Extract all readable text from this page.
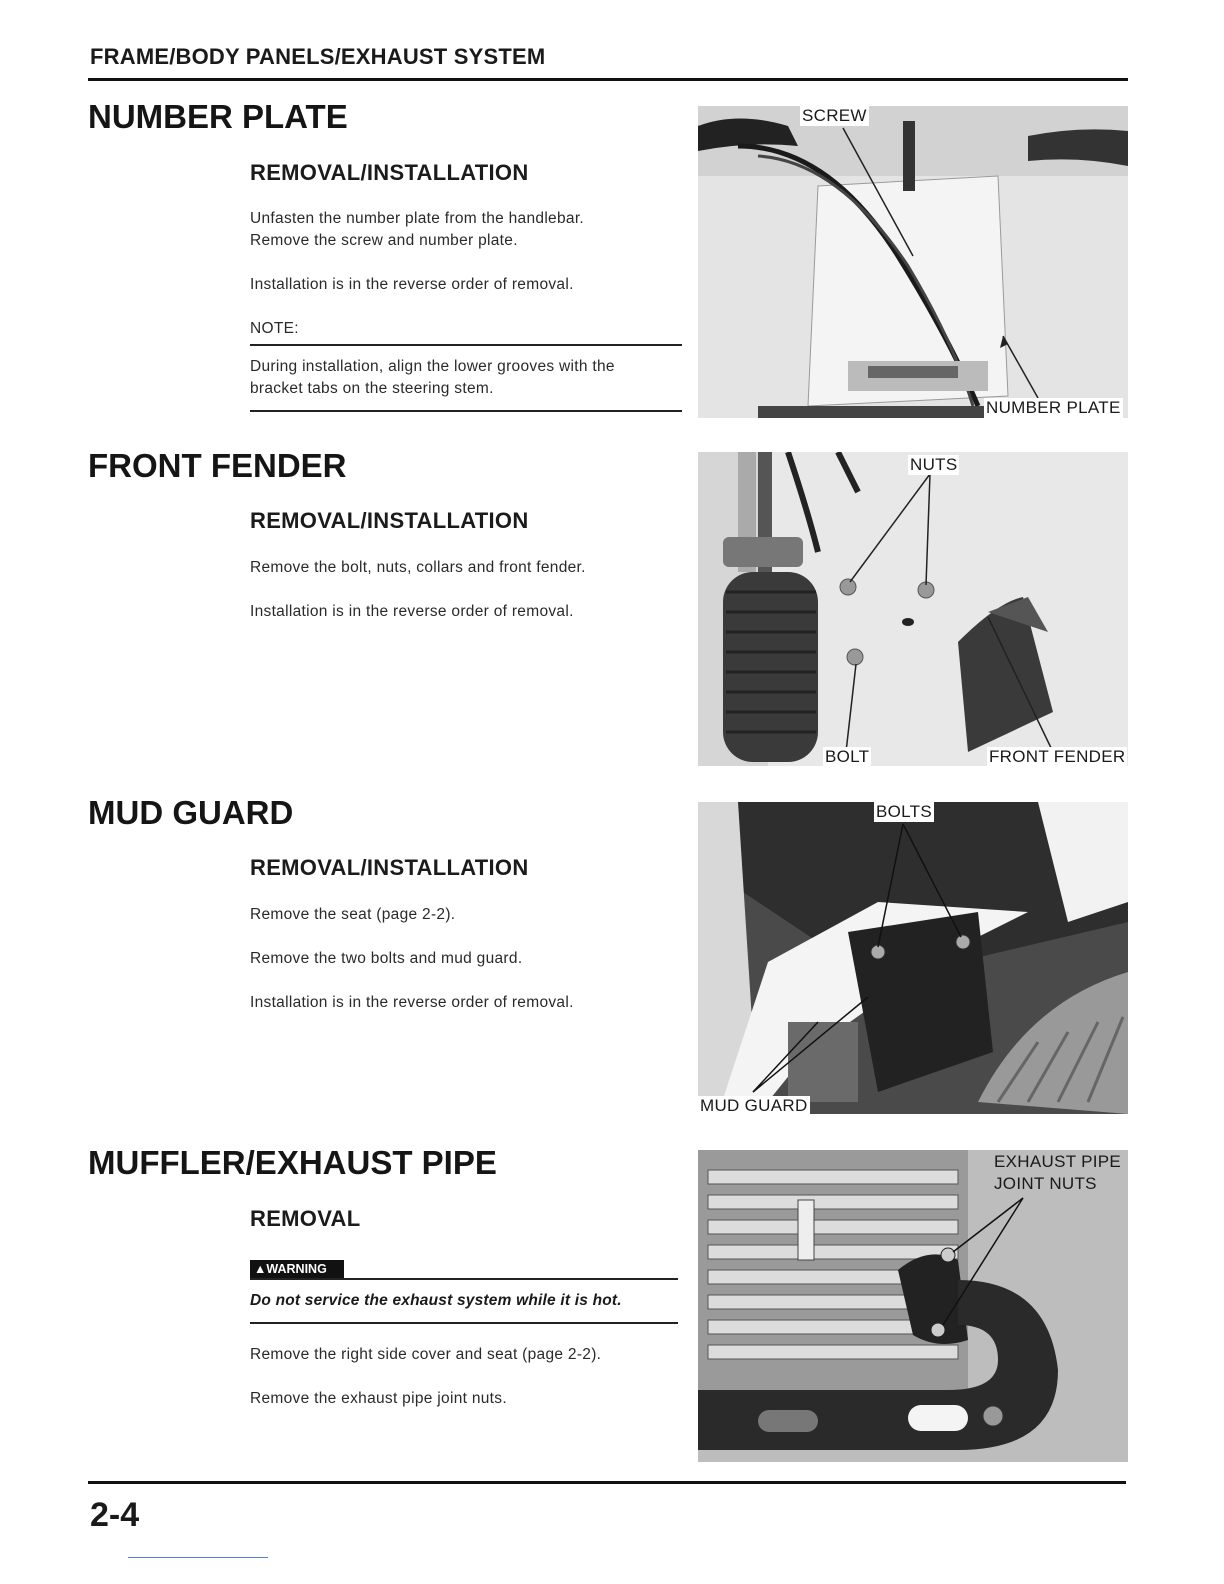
FRAME/BODY PANELS/EXHAUST SYSTEM
NUMBER PLATE
REMOVAL/INSTALLATION
Unfasten the number plate from the handlebar.
Remove the screw and number plate.
Installation is in the reverse order of removal.
NOTE:
During installation, align the lower grooves with the
bracket tabs on the steering stem.
SCREW
NUMBER PLATE
FRONT FENDER
REMOVAL/INSTALLATION
Remove the bolt, nuts, collars and front fender.
Installation is in the reverse order of removal.
NUTS
BOLT	FRONT FENDER
MUD GUARD
REMOVAL/INSTALLATION
Remove the seat (page 2-2).
Remove the two bolts and mud guard.
Installation is in the reverse order of removal.
BOLTS
MUD GUARD
MUFFLER/EXHAUST PIPE
REMOVAL
▲WARNING
Do not service the exhaust system while it is hot.
Remove the right side cover and seat (page 2-2).
Remove the exhaust pipe joint nuts.
EXHAUST PIPE
JOINT NUTS
2-4
